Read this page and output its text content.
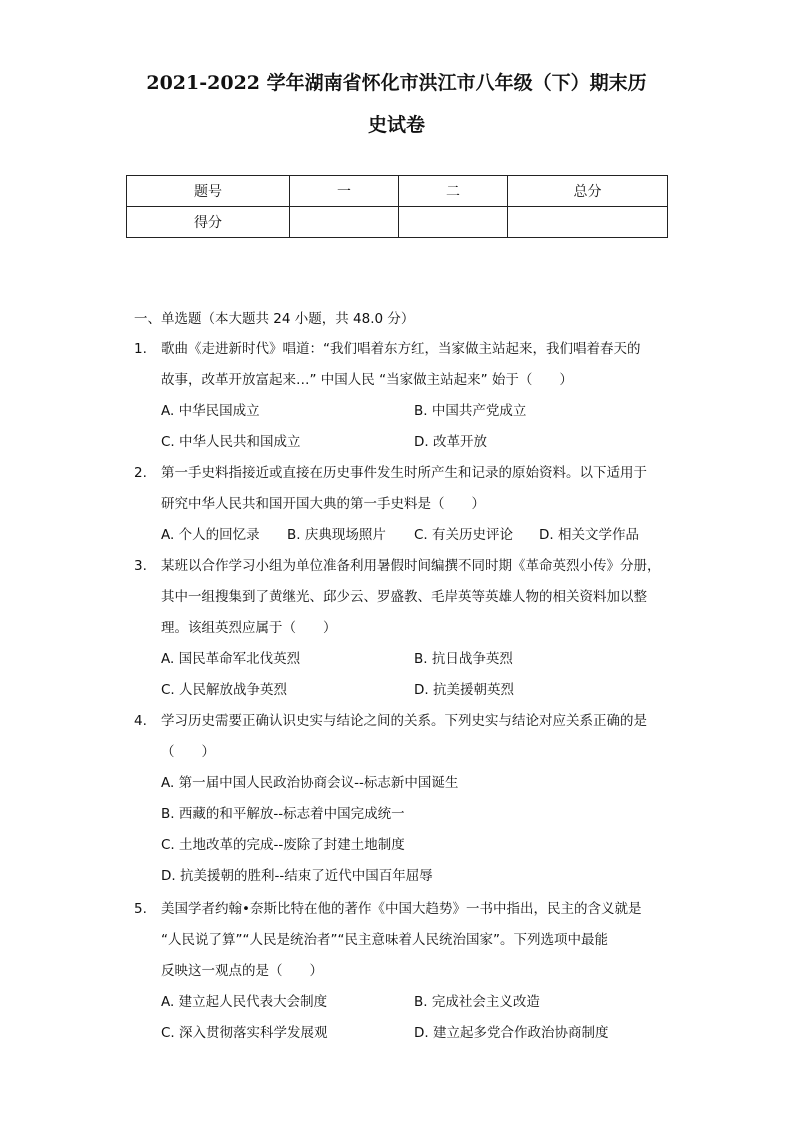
2021-2022 学年湖南省怀化市洪江市八年级（下）期末历
史试卷
题号	一	二	总分
得分			
一、单选题（本大题共 24 小题，共 48.0 分）
1. 歌曲《走进新时代》唱道：“我们唱着东方红，当家做主站起来，我们唱着春天的
故事，改革开放富起来…” 中国人民 “当家做主站起来” 始于（　　）
A. 中华民国成立	B. 中国共产党成立
C. 中华人民共和国成立	D. 改革开放
2. 第一手史料指接近或直接在历史事件发生时所产生和记录的原始资料。以下适用于
研究中华人民共和国开国大典的第一手史料是（　　）
A. 个人的回忆录 B. 庆典现场照片 C. 有关历史评论 D. 相关文学作品
3. 某班以合作学习小组为单位准备利用暑假时间编撰不同时期《革命英烈小传》分册，
其中一组搜集到了黄继光、邱少云、罗盛教、毛岸英等英雄人物的相关资料加以整
理。该组英烈应属于（　　）
A. 国民革命军北伐英烈	B. 抗日战争英烈
C. 人民解放战争英烈	D. 抗美援朝英烈
4. 学习历史需要正确认识史实与结论之间的关系。下列史实与结论对应关系正确的是
（　　）
A. 第一届中国人民政治协商会议--标志新中国诞生
B. 西藏的和平解放--标志着中国完成统一
C. 土地改革的完成--废除了封建土地制度
D. 抗美援朝的胜利--结束了近代中国百年屈辱
5. 美国学者约翰•奈斯比特在他的著作《中国大趋势》一书中指出，民主的含义就是
“人民说了算”“人民是统治者”“民主意味着人民统治国家”。下列选项中最能
反映这一观点的是（　　）
A. 建立起人民代表大会制度	B. 完成社会主义改造
C. 深入贯彻落实科学发展观	D. 建立起多党合作政治协商制度
